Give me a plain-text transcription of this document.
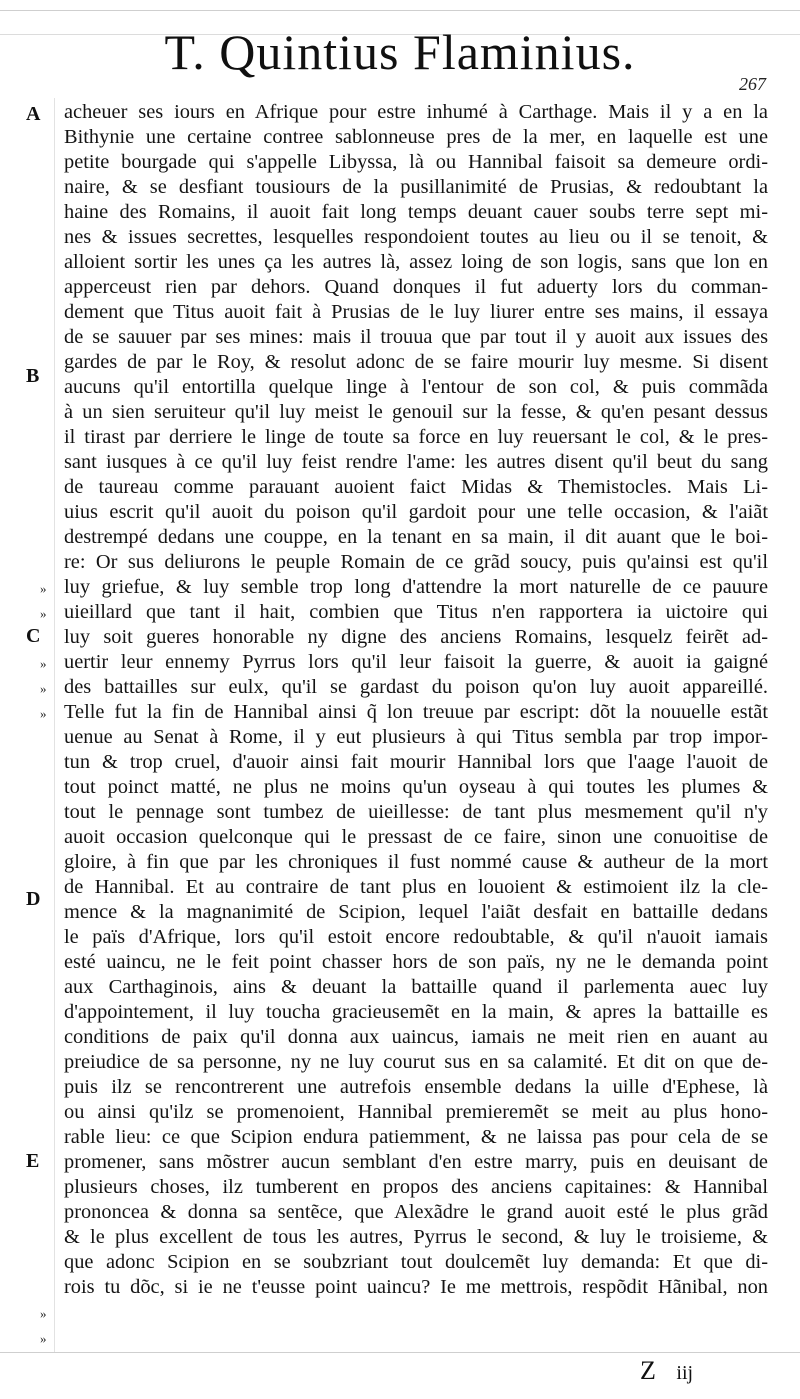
T. Quintius Flaminius.
267
A
B
C
D
E
»
»
»
»
»
»
»
acheuer ses iours en Afrique pour estre inhumé à Carthage. Mais il y a en la
Bithynie une certaine contree sablonneuse pres de la mer, en laquelle est une
petite bourgade qui s'appelle Libyssa, là ou Hannibal faisoit sa demeure ordi-
naire, & se desfiant tousiours de la pusillanimité de Prusias, & redoubtant la
haine des Romains, il auoit fait long temps deuant cauer soubs terre sept mi-
nes & issues secrettes, lesquelles respondoient toutes au lieu ou il se tenoit, &
alloient sortir les unes ça les autres là, assez loing de son logis, sans que lon en
apperceust rien par dehors. Quand donques il fut aduerty lors du comman-
dement que Titus auoit fait à Prusias de le luy liurer entre ses mains, il essaya
de se sauuer par ses mines: mais il trouua que par tout il y auoit aux issues des
gardes de par le Roy, & resolut adonc de se faire mourir luy mesme. Si disent
aucuns qu'il entortilla quelque linge à l'entour de son col, & puis commãda
à un sien seruiteur qu'il luy meist le genouil sur la fesse, & qu'en pesant dessus
il tirast par derriere le linge de toute sa force en luy reuersant le col, & le pres-
sant iusques à ce qu'il luy feist rendre l'ame: les autres disent qu'il beut du sang
de taureau comme parauant auoient faict Midas & Themistocles. Mais Li-
uius escrit qu'il auoit du poison qu'il gardoit pour une telle occasion, & l'aiãt
destrempé dedans une couppe, en la tenant en sa main, il dit auant que le boi-
re: Or sus deliurons le peuple Romain de ce grãd soucy, puis qu'ainsi est qu'il
luy griefue, & luy semble trop long d'attendre la mort naturelle de ce pauure
uieillard que tant il hait, combien que Titus n'en rapportera ia uictoire qui
luy soit gueres honorable ny digne des anciens Romains, lesquelz feirẽt ad-
uertir leur ennemy Pyrrus lors qu'il leur faisoit la guerre, & auoit ia gaigné
des battailles sur eulx, qu'il se gardast du poison qu'on luy auoit appareillé.
Telle fut la fin de Hannibal ainsi q̃ lon treuue par escript: dõt la nouuelle estãt
uenue au Senat à Rome, il y eut plusieurs à qui Titus sembla par trop impor-
tun & trop cruel, d'auoir ainsi fait mourir Hannibal lors que l'aage l'auoit de
tout poinct matté, ne plus ne moins qu'un oyseau à qui toutes les plumes &
tout le pennage sont tumbez de uieillesse: de tant plus mesmement qu'il n'y
auoit occasion quelconque qui le pressast de ce faire, sinon une conuoitise de
gloire, à fin que par les chroniques il fust nommé cause & autheur de la mort
de Hannibal. Et au contraire de tant plus en louoient & estimoient ilz la cle-
mence & la magnanimité de Scipion, lequel l'aiãt desfait en battaille dedans
le païs d'Afrique, lors qu'il estoit encore redoubtable, & qu'il n'auoit iamais
esté uaincu, ne le feit point chasser hors de son païs, ny ne le demanda point
aux Carthaginois, ains & deuant la battaille quand il parlementa auec luy
d'appointement, il luy toucha gracieusemẽt en la main, & apres la battaille es
conditions de paix qu'il donna aux uaincus, iamais ne meit rien en auant au
preiudice de sa personne, ny ne luy courut sus en sa calamité. Et dit on que de-
puis ilz se rencontrerent une autrefois ensemble dedans la uille d'Ephese, là
ou ainsi qu'ilz se promenoient, Hannibal premieremẽt se meit au plus hono-
rable lieu: ce que Scipion endura patiemment, & ne laissa pas pour cela de se
promener, sans mõstrer aucun semblant d'en estre marry, puis en deuisant de
plusieurs choses, ilz tumberent en propos des anciens capitaines: & Hannibal
prononcea & donna sa sentẽce, que Alexãdre le grand auoit esté le plus grãd
& le plus excellent de tous les autres, Pyrrus le second, & luy le troisieme, &
que adonc Scipion en se soubzriant tout doulcemẽt luy demanda: Et que di-
rois tu dõc, si ie ne t'eusse point uaincu? Ie me mettrois, respõdit Hãnibal, non
Z iij
